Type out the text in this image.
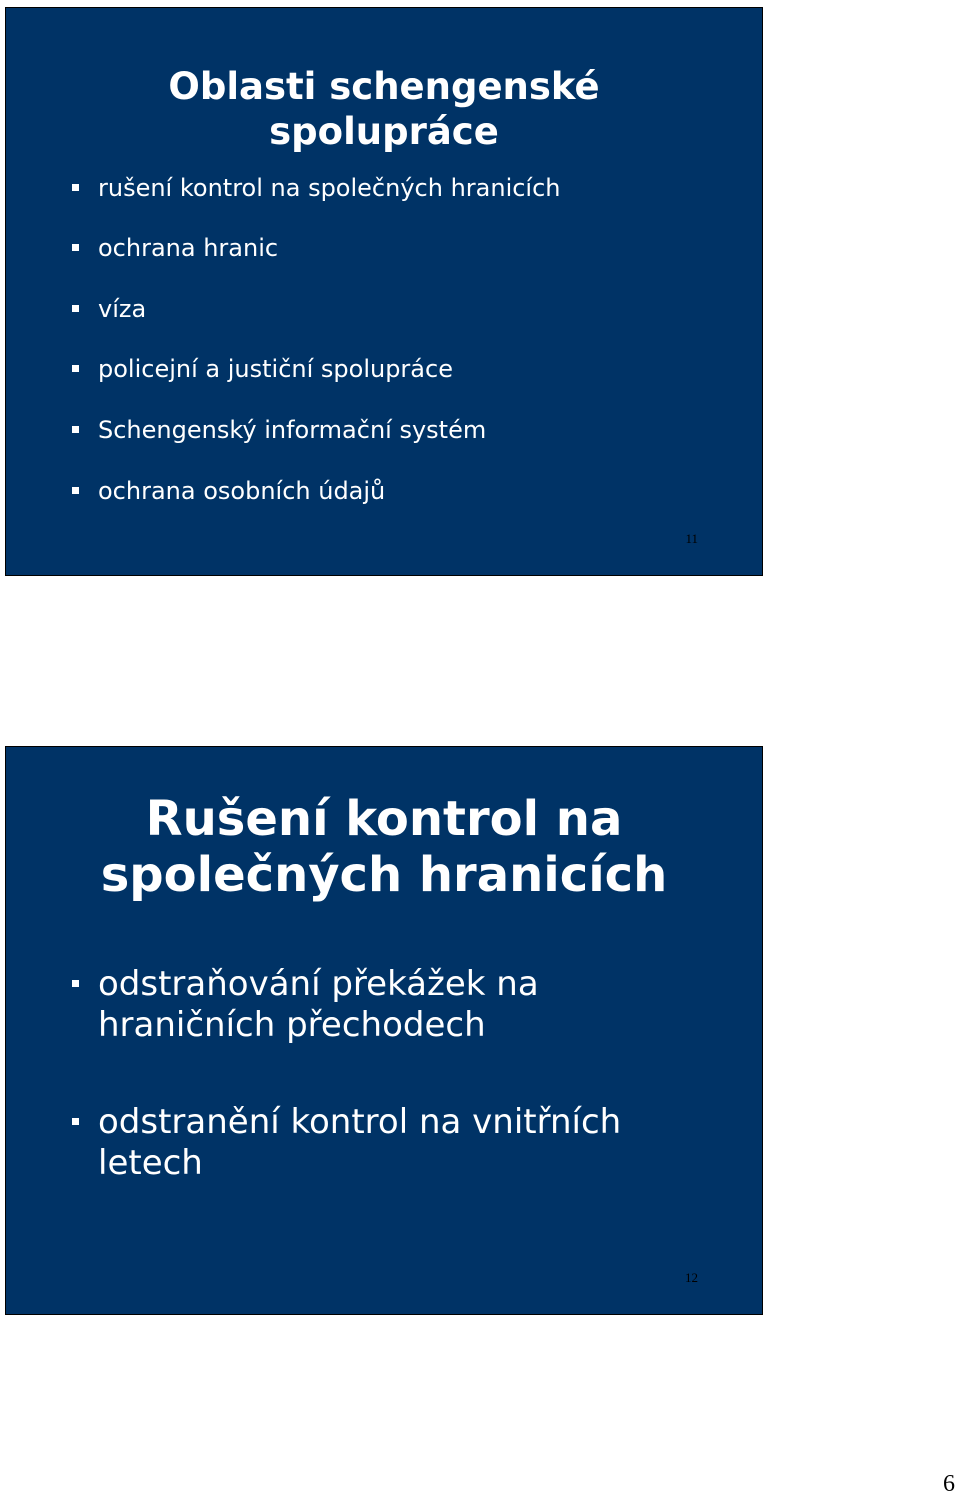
Oblasti schengenské
spolupráce
rušení kontrol na společných hranicích
ochrana hranic
víza
policejní a justiční spolupráce
Schengenský informační systém
ochrana osobních údajů
11
Rušení kontrol na
společných hranicích
odstraňování překážek na hraničních přechodech
odstranění kontrol na vnitřních letech
12
6
